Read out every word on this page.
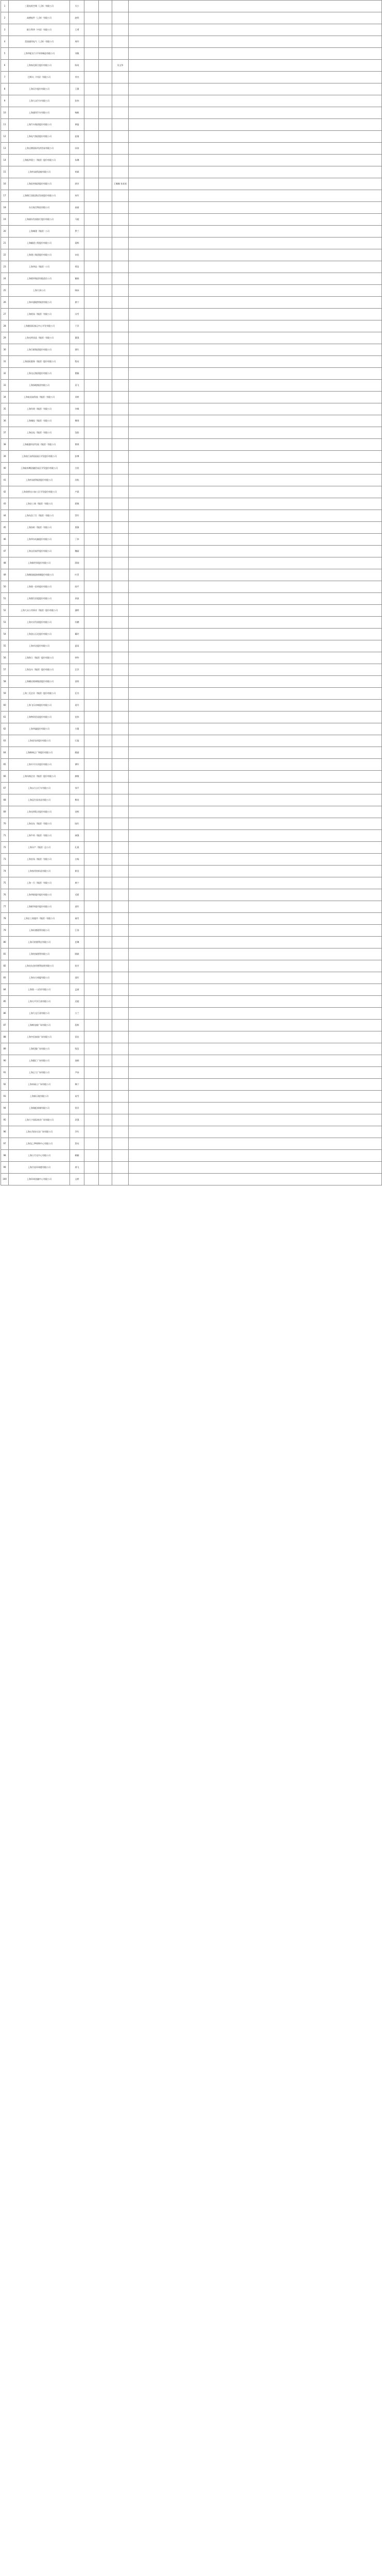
1	三菱电机空调（上海）有限公司	关小				
2	高德软件（上海）有限公司	赵明				
3	联合利华（中国）有限公司	王勇				
4	美国通用电气（上海）有限公司	周玲				
5	上海华虹宏力半导体制造有限公司	刘敏				
6	上海家化联合股份有限公司	陈英			吴文华	
7	巴斯夫（中国）有限公司	李杰				
8	上海贝尔股份有限公司	王静				
9	上海大众汽车有限公司	张伟				
10	上海通用汽车有限公司	杨帆				
11	上海汽车集团股份有限公司	黄磊				
12	上海电气集团股份有限公司	赵倩				
13	上海宝钢国际经济贸易有限公司	孙涛				
14	上海振华重工（集团）股份有限公司	朱琳				
15	上海外高桥造船有限公司	胡斌				
16	上海医药集团股份有限公司	郭芳			王佩佩 张星星	
17	上海锦江国际酒店发展股份有限公司	何军				
18	东方航空物流有限公司	高丽				
19	上海浦东发展银行股份有限公司	马超				
20	上海城建（集团）公司	罗兰				
21	上海隧道工程股份有限公司	梁辉				
22	上海建工集团股份有限公司	宋佳				
23	上海华谊（集团）公司	郑浩				
24	上海烟草集团有限责任公司	谢娟				
25	上海久事公司	韩冰				
26	上海申通地铁集团有限公司	唐宁				
27	上海机场（集团）有限公司	冯雪				
28	上海港国际客运中心开发有限公司	于洋				
29	上海光明食品（集团）有限公司	董强				
30	上海百联集团股份有限公司	萧红				
31	上海国际港务（集团）股份有限公司	程亮				
32	上海交运集团股份有限公司	曹颖				
33	上海绿地集团有限公司	袁飞				
34	上海复星高科技（集团）有限公司	邓婷				
35	上海均瑶（集团）有限公司	许峰				
36	上海城投（集团）有限公司	傅瑶				
37	上海仪电（集团）有限公司	沈阳				
38	上海临港经济发展（集团）有限公司	曾琪				
39	上海张江高科技园区开发股份有限公司	彭博				
40	上海陆家嘴金融贸易区开发股份有限公司	吕欣				
41	上海外高桥集团股份有限公司	苏杭				
42	上海金桥出口加工区开发股份有限公司	卢晨				
43	上海农工商（集团）有限公司	蒋敏				
44	上海东浩兰生（集团）有限公司	蔡军				
45	上海纺织（集团）有限公司	贾静				
46	上海华东电脑股份有限公司	丁伟				
47	上海宝信软件股份有限公司	魏丽				
48	上海新世界股份有限公司	薛刚				
49	上海豫园旅游商城股份有限公司	叶青				
50	上海第一医药股份有限公司	阎平				
51	上海强生控股股份有限公司	余波				
52	上海大众公用事业（集团）股份有限公司	潘婷				
53	上海实业发展股份有限公司	杜鹏				
54	上海金山石化股份有限公司	戴玲				
55	上海申达股份有限公司	夏雨				
56	上海海立（集团）股份有限公司	钟华				
57	上海龙头（集团）股份有限公司	汪洋				
58	上海耀皮玻璃集团股份有限公司	田野				
59	上海三毛企业（集团）股份有限公司	任杰				
60	上海飞乐音响股份有限公司	姜丹				
61	上海物资贸易股份有限公司	范伟				
62	上海华鑫股份有限公司	方圆				
63	上海老凤祥股份有限公司	石磊				
64	上海梅林正广和股份有限公司	姚丽				
65	上海开开实业股份有限公司	谭军				
66	上海凤凰企业（集团）股份有限公司	廖敏				
67	上海永久自行车有限公司	邹平				
68	上海冠生园食品有限公司	熊英				
69	上海光明乳业股份有限公司	金辉				
70	上海良友（集团）有限公司	陆红				
71	上海牛奶（集团）有限公司	郝强				
72	上海水产（集团）总公司	孔燕				
73	上海农场（集团）有限公司	白杨				
74	上海家用纺织品有限公司	崔浩				
75	上海一百（集团）有限公司	康宁				
76	上海华联超市股份有限公司	毛莉				
77	上海联华超市股份有限公司	邱军				
78	上海农工商超市（集团）有限公司	秦雪				
79	上海好德便利有限公司	江涛				
80	上海可的便利店有限公司	史琳				
81	上海快客便利有限公司	顾斌				
82	上海良友金伴便利连锁有限公司	侯芳				
83	上海东方商厦有限公司	邵军				
84	上海第一八佰伴有限公司	孟丽				
85	上海太平洋百货有限公司	龙超				
86	上海久光百货有限公司	万兰				
87	上海梅龙镇广场有限公司	段辉				
88	上海中信泰富广场有限公司	雷佳				
89	上海恒隆广场有限公司	钱浩				
90	上海港汇广场有限公司	汤娟				
91	上海正大广场有限公司	尹冰				
92	上海来福士广场有限公司	黎宁				
93	上海新天地有限公司	易雪				
94	上海瑞虹新城有限公司	常洋				
95	上海大宁国际商业广场有限公司	武强				
96	上海五角场万达广场有限公司	乔红				
97	上海龙之梦购物中心有限公司	贺亮				
98	上海日月光中心有限公司	赖颖				
99	上海月星环球港有限公司	龚飞				
100	上海环球金融中心有限公司	文婷				
